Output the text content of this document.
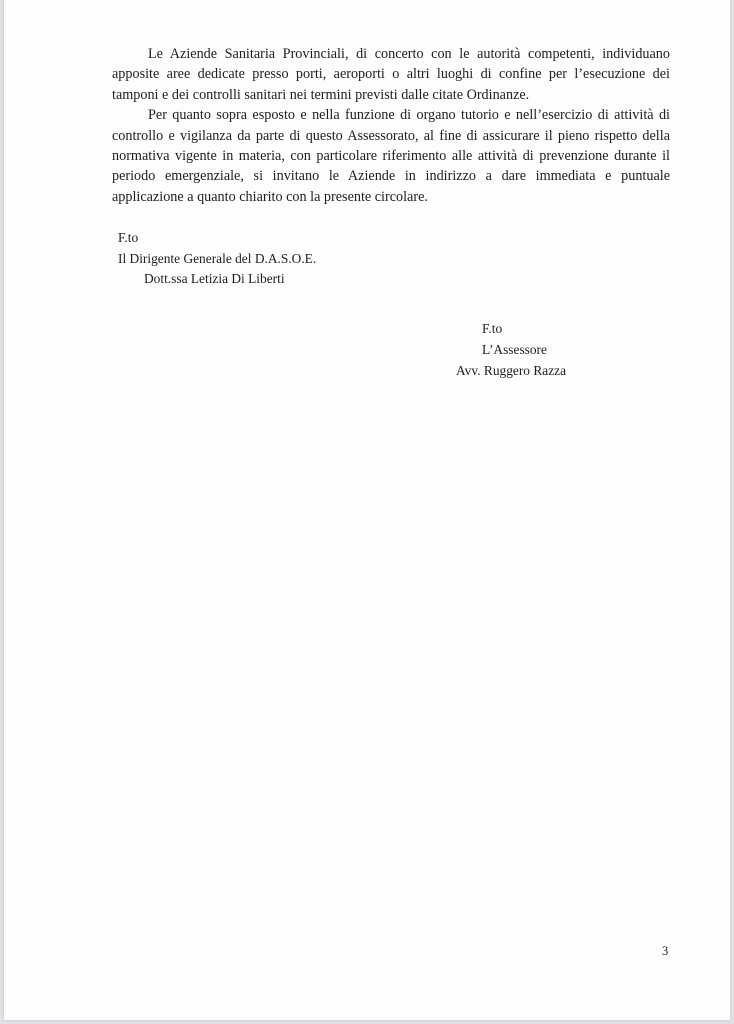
Le Aziende Sanitaria Provinciali, di concerto con le autorità competenti, individuano apposite aree dedicate presso porti, aeroporti o altri luoghi di confine per l’esecuzione dei tamponi e dei controlli sanitari nei termini previsti dalle citate Ordinanze.

Per quanto sopra esposto e nella funzione di organo tutorio e nell’esercizio di attività di controllo e vigilanza da parte di questo Assessorato, al fine di assicurare il pieno rispetto della normativa vigente in materia, con particolare riferimento alle attività di prevenzione durante il periodo emergenziale, si invitano le Aziende in indirizzo a dare immediata e puntuale applicazione a quanto chiarito con la presente circolare.

F.to
Il Dirigente Generale del D.A.S.O.E.
Dott.ssa Letizia Di Liberti
F.to
L’Assessore
Avv. Ruggero Razza
3
